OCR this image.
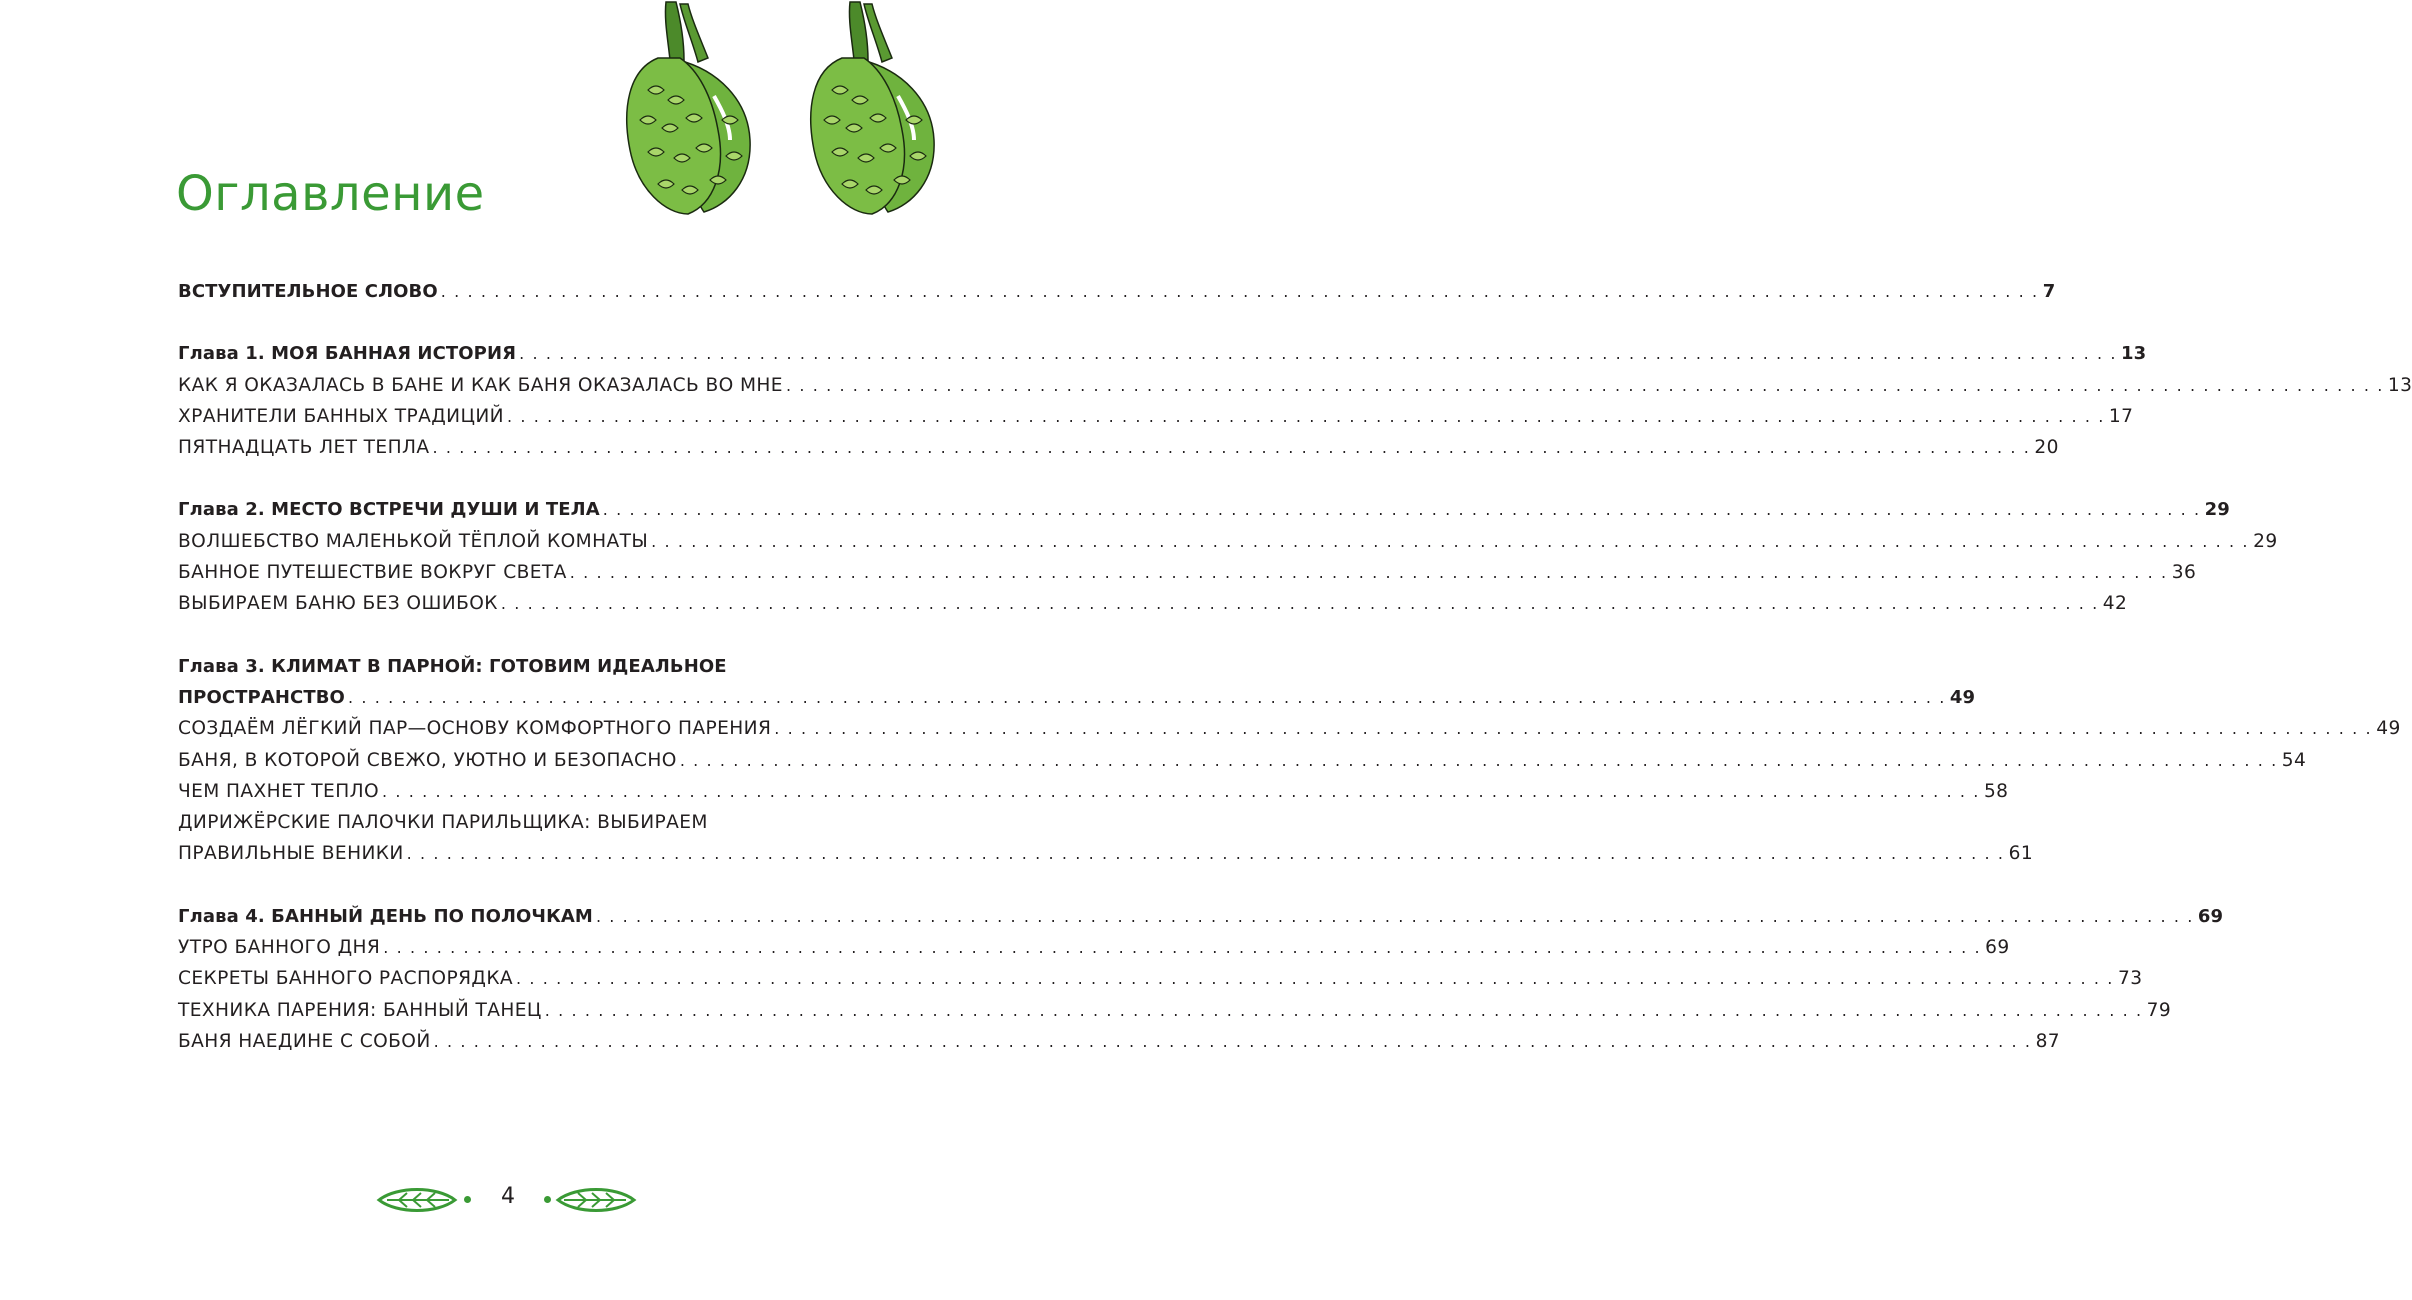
Оглавление
ВСТУПИТЕЛЬНОЕ СЛОВО . . . . . . . . . . . . . . . . . . . . . . . . . . . . . . . . . . . . . . . . . . . . . . . . . . . . . . . . . . . . . . . . . . . . . . . . . . . . . . . . . . . . . . . . . . . . . . . . . . . . . . . . . . . . . . . . . . . . . . . . 7
Глава 1. МОЯ БАННАЯ ИСТОРИЯ . . . . . . . . . . . . . . . . . . . . . . . . . . . . . . . . . . . . . . . . . . . . . . . . . . . . . . . . . . . . . . . . . . . . . . . . . . . . . . . . . . . . . . . . . . . . . . . . . . . . . . . . . . . . . . . . . . . . . . . . 13
КАК Я ОКАЗАЛАСЬ В БАНЕ И КАК БАНЯ ОКАЗАЛАСЬ ВО МНЕ . . . . . . . . . . . . . . . . . . . . . . . . . . . . . . . . . . . . . . . . . . . . . . . . . . . . . . . . . . . . . . . . . . . . . . . . . . . . . . . . . . . . . . . . . . . . . . . . . . . . . . . . . . . . . . . . . . . . . . . . 13
ХРАНИТЕЛИ БАННЫХ ТРАДИЦИЙ . . . . . . . . . . . . . . . . . . . . . . . . . . . . . . . . . . . . . . . . . . . . . . . . . . . . . . . . . . . . . . . . . . . . . . . . . . . . . . . . . . . . . . . . . . . . . . . . . . . . . . . . . . . . . . . . . . . . . . . . 17
ПЯТНАДЦАТЬ ЛЕТ ТЕПЛА . . . . . . . . . . . . . . . . . . . . . . . . . . . . . . . . . . . . . . . . . . . . . . . . . . . . . . . . . . . . . . . . . . . . . . . . . . . . . . . . . . . . . . . . . . . . . . . . . . . . . . . . . . . . . . . . . . . . . . . . 20
Глава 2. МЕСТО ВСТРЕЧИ ДУШИ И ТЕЛА . . . . . . . . . . . . . . . . . . . . . . . . . . . . . . . . . . . . . . . . . . . . . . . . . . . . . . . . . . . . . . . . . . . . . . . . . . . . . . . . . . . . . . . . . . . . . . . . . . . . . . . . . . . . . . . . . . . . . . . . 29
ВОЛШЕБСТВО МАЛЕНЬКОЙ ТЁПЛОЙ КОМНАТЫ . . . . . . . . . . . . . . . . . . . . . . . . . . . . . . . . . . . . . . . . . . . . . . . . . . . . . . . . . . . . . . . . . . . . . . . . . . . . . . . . . . . . . . . . . . . . . . . . . . . . . . . . . . . . . . . . . . . . . . . . 29
БАННОЕ ПУТЕШЕСТВИЕ ВОКРУГ СВЕТА . . . . . . . . . . . . . . . . . . . . . . . . . . . . . . . . . . . . . . . . . . . . . . . . . . . . . . . . . . . . . . . . . . . . . . . . . . . . . . . . . . . . . . . . . . . . . . . . . . . . . . . . . . . . . . . . . . . . . . . . 36
ВЫБИРАЕМ БАНЮ БЕЗ ОШИБОК . . . . . . . . . . . . . . . . . . . . . . . . . . . . . . . . . . . . . . . . . . . . . . . . . . . . . . . . . . . . . . . . . . . . . . . . . . . . . . . . . . . . . . . . . . . . . . . . . . . . . . . . . . . . . . . . . . . . . . . . 42
Глава 3. КЛИМАТ В ПАРНОЙ: ГОТОВИМ ИДЕАЛЬНОЕ
ПРОСТРАНСТВО . . . . . . . . . . . . . . . . . . . . . . . . . . . . . . . . . . . . . . . . . . . . . . . . . . . . . . . . . . . . . . . . . . . . . . . . . . . . . . . . . . . . . . . . . . . . . . . . . . . . . . . . . . . . . . . . . . . . . . . . 49
СОЗДАЁМ ЛЁГКИЙ ПАР—ОСНОВУ КОМФОРТНОГО ПАРЕНИЯ . . . . . . . . . . . . . . . . . . . . . . . . . . . . . . . . . . . . . . . . . . . . . . . . . . . . . . . . . . . . . . . . . . . . . . . . . . . . . . . . . . . . . . . . . . . . . . . . . . . . . . . . . . . . . . . . . . . . . . . . 49
БАНЯ, В КОТОРОЙ СВЕЖО, УЮТНО И БЕЗОПАСНО . . . . . . . . . . . . . . . . . . . . . . . . . . . . . . . . . . . . . . . . . . . . . . . . . . . . . . . . . . . . . . . . . . . . . . . . . . . . . . . . . . . . . . . . . . . . . . . . . . . . . . . . . . . . . . . . . . . . . . . . 54
ЧЕМ ПАХНЕТ ТЕПЛО . . . . . . . . . . . . . . . . . . . . . . . . . . . . . . . . . . . . . . . . . . . . . . . . . . . . . . . . . . . . . . . . . . . . . . . . . . . . . . . . . . . . . . . . . . . . . . . . . . . . . . . . . . . . . . . . . . . . . . . . 58
ДИРИЖЁРСКИЕ ПАЛОЧКИ ПАРИЛЬЩИКА: ВЫБИРАЕМ
ПРАВИЛЬНЫЕ ВЕНИКИ . . . . . . . . . . . . . . . . . . . . . . . . . . . . . . . . . . . . . . . . . . . . . . . . . . . . . . . . . . . . . . . . . . . . . . . . . . . . . . . . . . . . . . . . . . . . . . . . . . . . . . . . . . . . . . . . . . . . . . . . 61
Глава 4. БАННЫЙ ДЕНЬ ПО ПОЛОЧКАМ . . . . . . . . . . . . . . . . . . . . . . . . . . . . . . . . . . . . . . . . . . . . . . . . . . . . . . . . . . . . . . . . . . . . . . . . . . . . . . . . . . . . . . . . . . . . . . . . . . . . . . . . . . . . . . . . . . . . . . . . 69
УТРО БАННОГО ДНЯ . . . . . . . . . . . . . . . . . . . . . . . . . . . . . . . . . . . . . . . . . . . . . . . . . . . . . . . . . . . . . . . . . . . . . . . . . . . . . . . . . . . . . . . . . . . . . . . . . . . . . . . . . . . . . . . . . . . . . . . . 69
СЕКРЕТЫ БАННОГО РАСПОРЯДКА . . . . . . . . . . . . . . . . . . . . . . . . . . . . . . . . . . . . . . . . . . . . . . . . . . . . . . . . . . . . . . . . . . . . . . . . . . . . . . . . . . . . . . . . . . . . . . . . . . . . . . . . . . . . . . . . . . . . . . . . 73
ТЕХНИКА ПАРЕНИЯ: БАННЫЙ ТАНЕЦ . . . . . . . . . . . . . . . . . . . . . . . . . . . . . . . . . . . . . . . . . . . . . . . . . . . . . . . . . . . . . . . . . . . . . . . . . . . . . . . . . . . . . . . . . . . . . . . . . . . . . . . . . . . . . . . . . . . . . . . . 79
БАНЯ НАЕДИНЕ С СОБОЙ . . . . . . . . . . . . . . . . . . . . . . . . . . . . . . . . . . . . . . . . . . . . . . . . . . . . . . . . . . . . . . . . . . . . . . . . . . . . . . . . . . . . . . . . . . . . . . . . . . . . . . . . . . . . . . . . . . . . . . . . 87
4
